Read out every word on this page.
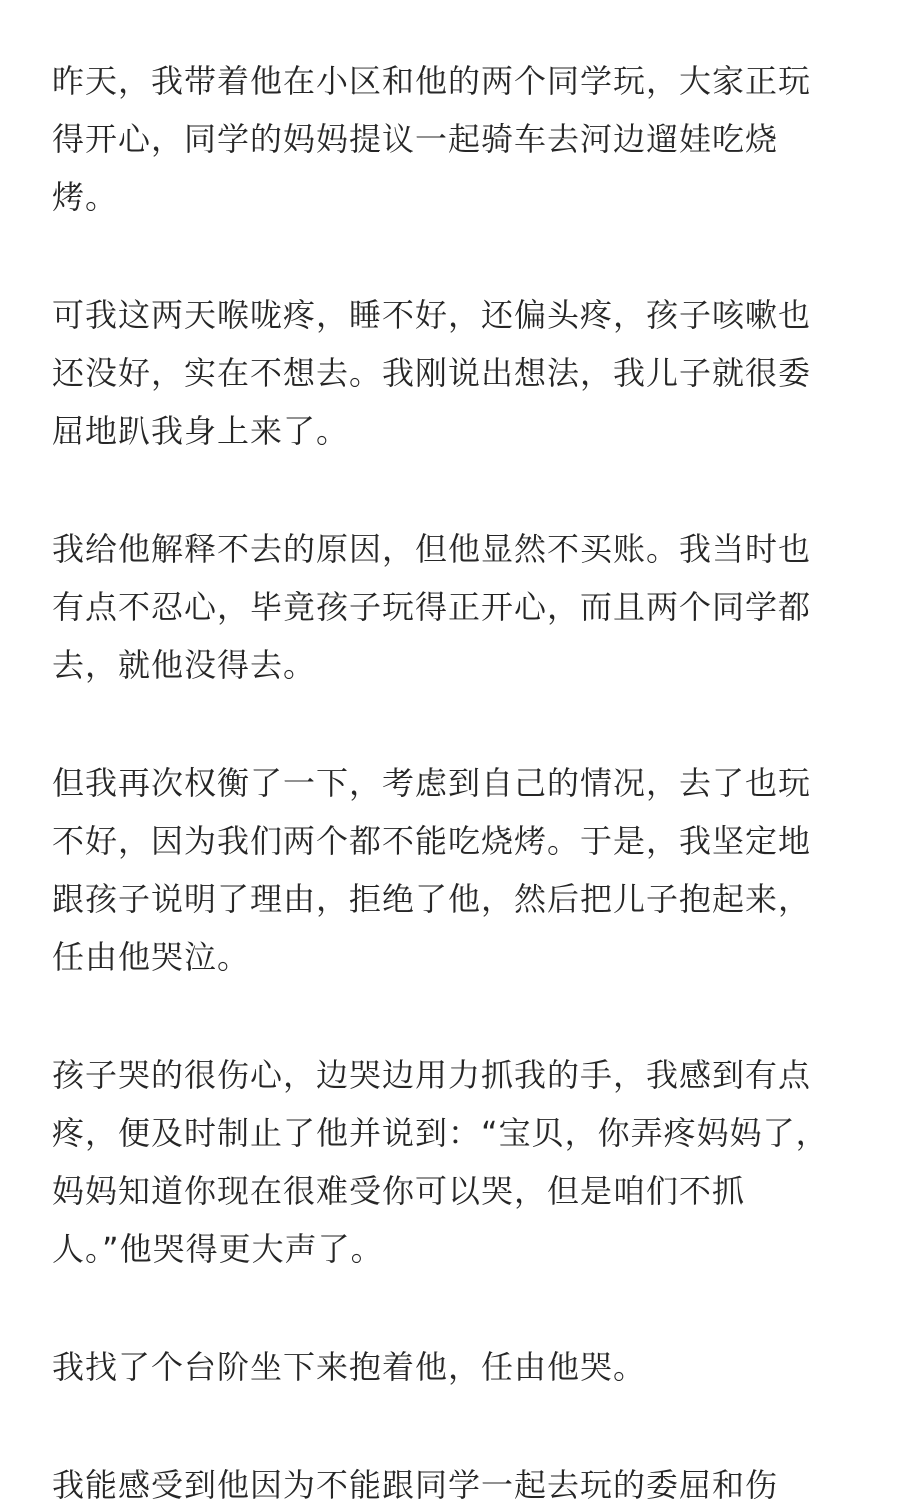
昨天，我带着他在小区和他的两个同学玩，大家正玩得开心，同学的妈妈提议一起骑车去河边遛娃吃烧烤。

可我这两天喉咙疼，睡不好，还偏头疼，孩子咳嗽也还没好，实在不想去。我刚说出想法，我儿子就很委屈地趴我身上来了。

我给他解释不去的原因，但他显然不买账。我当时也有点不忍心，毕竟孩子玩得正开心，而且两个同学都去，就他没得去。

但我再次权衡了一下，考虑到自己的情况，去了也玩不好，因为我们两个都不能吃烧烤。于是，我坚定地跟孩子说明了理由，拒绝了他，然后把儿子抱起来，任由他哭泣。

孩子哭的很伤心，边哭边用力抓我的手，我感到有点疼，便及时制止了他并说到：“宝贝，你弄疼妈妈了，妈妈知道你现在很难受你可以哭，但是咱们不抓人。”他哭得更大声了。

我找了个台阶坐下来抱着他，任由他哭。

我能感受到他因为不能跟同学一起去玩的委屈和伤
